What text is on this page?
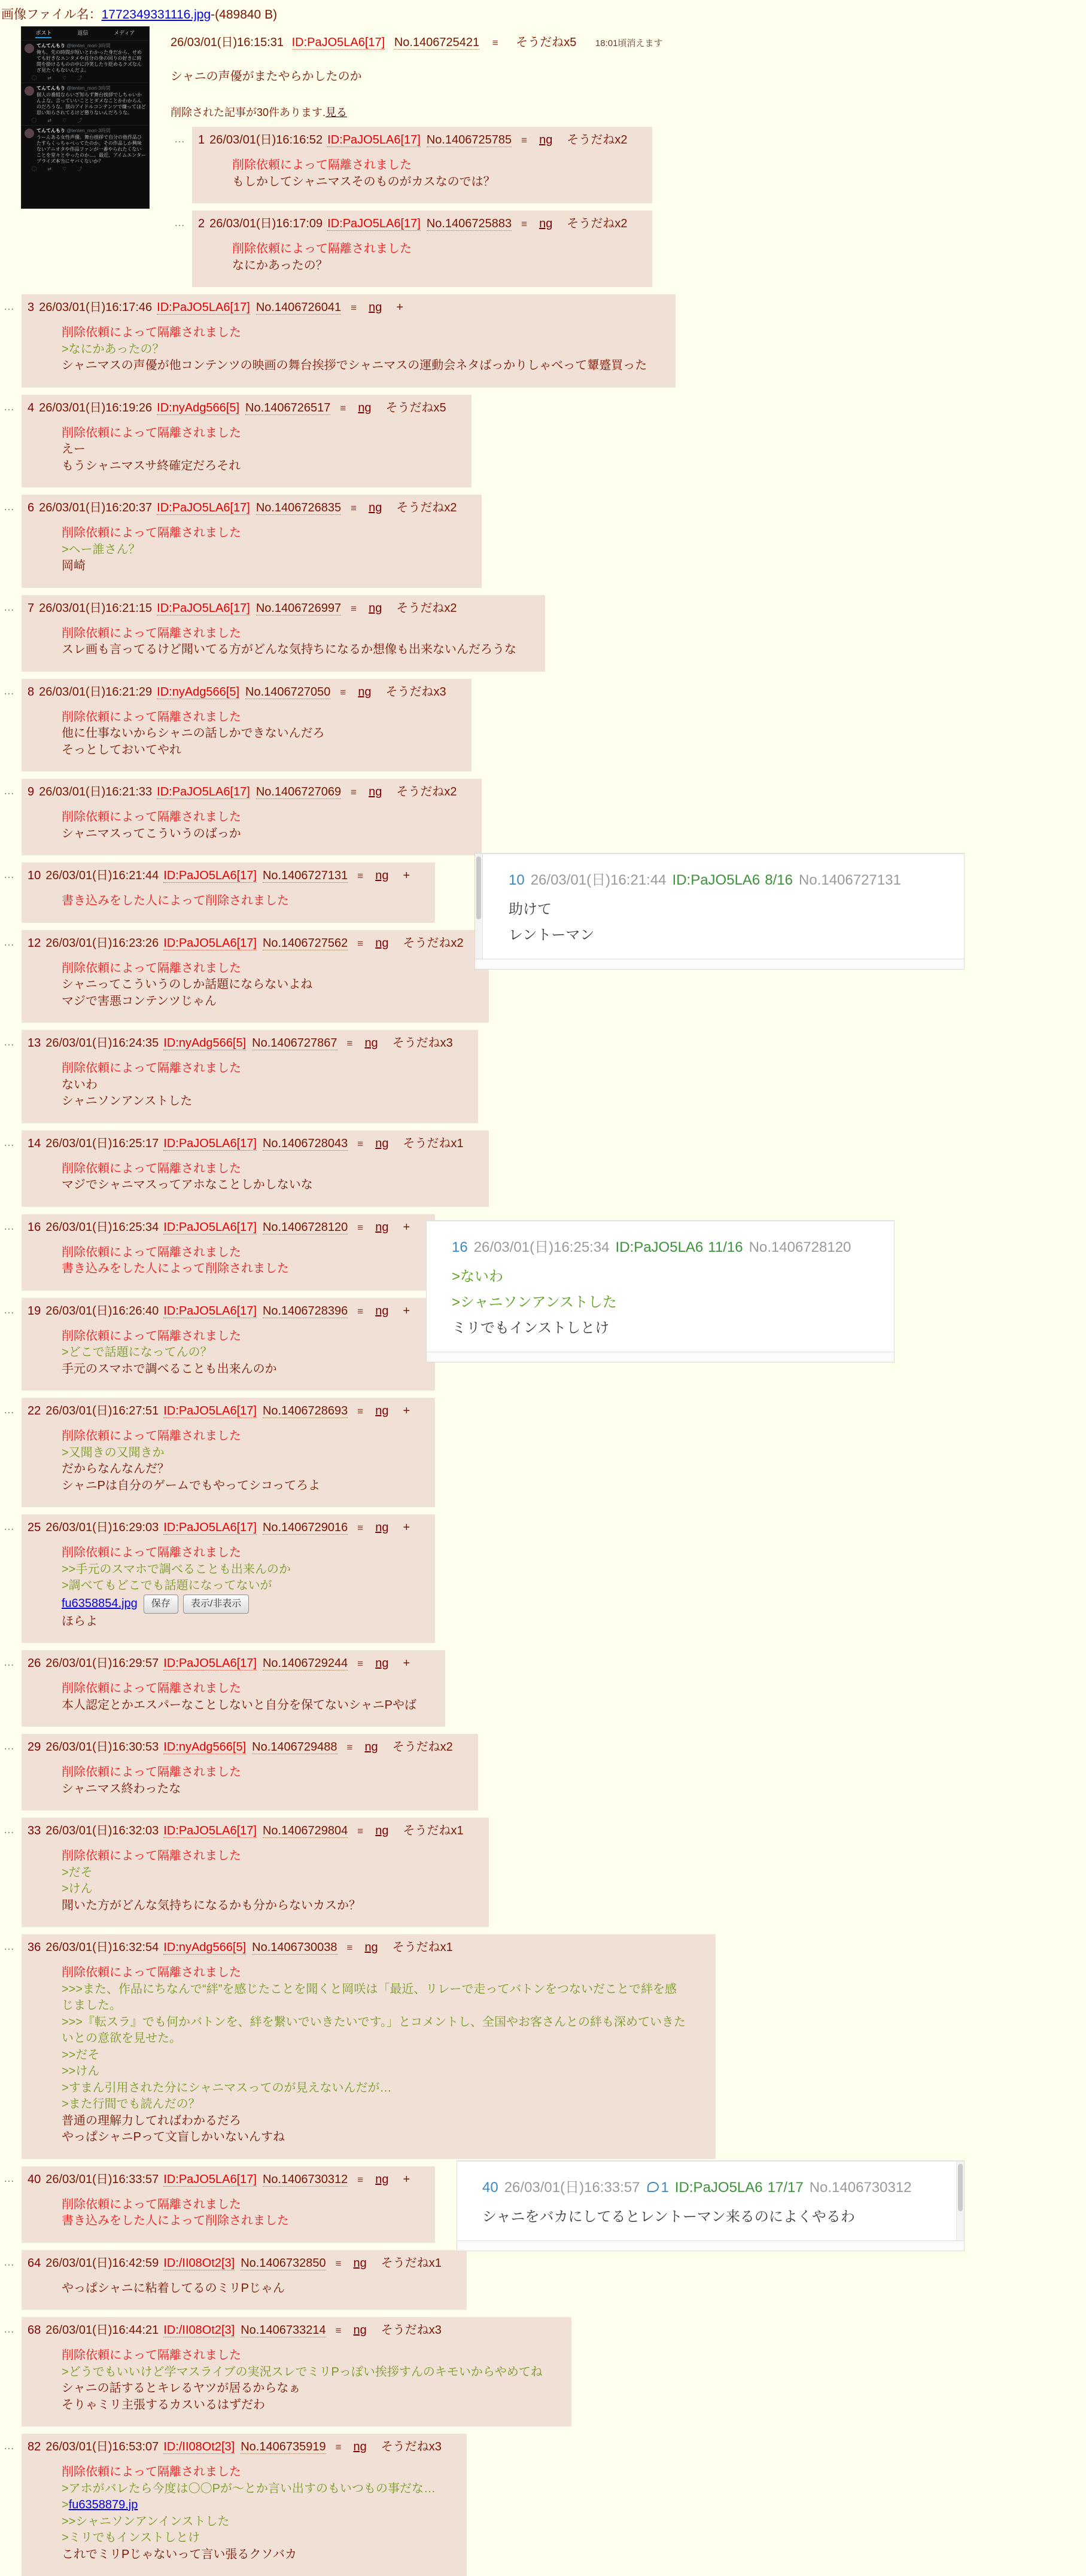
画像ファイル名：1772349331116.jpg-(489840 B)
ポスト	返信	メディア
てんてんもり @tenten_mori·3時間
俺も、先の時間が短いとわかった身だから、せめても好きなエンタメや自分の身の回りの好きに時間を掛けるものの中に冷笑したり貶めるクズなんざ見たくもないんだよ。
⃝ ⇄ ♡ ⤴
てんてんもり @tenten_mori·3時間
個人の番組ならいざ知らず舞台挨拶でしちゃいかんよな。言っていいこととダメなことかわからんのだろうな。別のアイドルコンテンツで嫌ってほど思い知らされてるけど懲りないんだろうな。
⃝ ⇄ ♡ ⤴
てんてんもり @tenten_mori·3時間
うーんある女性声優。舞台挨拶で自分の他作品ひたすらくっちゃべってたのか。その作品しか興味ないアニオタや作品ファンが一番やられたくないことを堂々とやったのか…。最近、アイムエンタープライズ本当にヤバくないか？
⃝ ⇄ ♡ ⤴
26/03/01(日)16:15:31 ID:PaJO5LA6[17] No.1406725421 ≡ そうだねx5 18:01頃消えます
シャニの声優がまたやらかしたのか
削除された記事が30件あります.見る
…	1 26/03/01(日)16:16:52 ID:PaJO5LA6[17] No.1406725785 ≡ ng そうだねx2
削除依頼によって隔離されました
もしかしてシャニマスそのものがカスなのでは？
…	2 26/03/01(日)16:17:09 ID:PaJO5LA6[17] No.1406725883 ≡ ng そうだねx2
削除依頼によって隔離されました
なにかあったの？
…	3 26/03/01(日)16:17:46 ID:PaJO5LA6[17] No.1406726041 ≡ ng +
削除依頼によって隔離されました
>なにかあったの？
シャニマスの声優が他コンテンツの映画の舞台挨拶でシャニマスの運動会ネタばっかりしゃべって顰蹙買った
…	4 26/03/01(日)16:19:26 ID:nyAdg566[5] No.1406726517 ≡ ng そうだねx5
削除依頼によって隔離されました
えー
もうシャニマスサ終確定だろそれ
…	6 26/03/01(日)16:20:37 ID:PaJO5LA6[17] No.1406726835 ≡ ng そうだねx2
削除依頼によって隔離されました
>ヘー誰さん？
岡崎
…	7 26/03/01(日)16:21:15 ID:PaJO5LA6[17] No.1406726997 ≡ ng そうだねx2
削除依頼によって隔離されました
スレ画も言ってるけど聞いてる方がどんな気持ちになるか想像も出来ないんだろうな
…	8 26/03/01(日)16:21:29 ID:nyAdg566[5] No.1406727050 ≡ ng そうだねx3
削除依頼によって隔離されました
他に仕事ないからシャニの話しかできないんだろ
そっとしておいてやれ
…	9 26/03/01(日)16:21:33 ID:PaJO5LA6[17] No.1406727069 ≡ ng そうだねx2
削除依頼によって隔離されました
シャニマスってこういうのばっか
…	10 26/03/01(日)16:21:44 ID:PaJO5LA6[17] No.1406727131 ≡ ng +
書き込みをした人によって削除されました
10 26/03/01(日)16:21:44 ID:PaJO5LA6 8/16 No.1406727131
助けて
レントーマン
…	12 26/03/01(日)16:23:26 ID:PaJO5LA6[17] No.1406727562 ≡ ng そうだねx2
削除依頼によって隔離されました
シャニってこういうのしか話題にならないよね
マジで害悪コンテンツじゃん
…	13 26/03/01(日)16:24:35 ID:nyAdg566[5] No.1406727867 ≡ ng そうだねx3
削除依頼によって隔離されました
ないわ
シャニソンアンストした
…	14 26/03/01(日)16:25:17 ID:PaJO5LA6[17] No.1406728043 ≡ ng そうだねx1
削除依頼によって隔離されました
マジでシャニマスってアホなことしかしないな
…	16 26/03/01(日)16:25:34 ID:PaJO5LA6[17] No.1406728120 ≡ ng +
削除依頼によって隔離されました
書き込みをした人によって削除されました
16 26/03/01(日)16:25:34 ID:PaJO5LA6 11/16 No.1406728120
>ないわ
>シャニソンアンストした
ミリでもインストしとけ
…	19 26/03/01(日)16:26:40 ID:PaJO5LA6[17] No.1406728396 ≡ ng +
削除依頼によって隔離されました
>どこで話題になってんの？
手元のスマホで調べることも出来んのか
…	22 26/03/01(日)16:27:51 ID:PaJO5LA6[17] No.1406728693 ≡ ng +
削除依頼によって隔離されました
>又聞きの又聞きか
だからなんなんだ？
シャニPは自分のゲームでもやってシコってろよ
…	25 26/03/01(日)16:29:03 ID:PaJO5LA6[17] No.1406729016 ≡ ng +
削除依頼によって隔離されました
>>手元のスマホで調べることも出来んのか
>調べてもどこでも話題になってないが
fu6358854.jpg 保存 表示/非表示
ほらよ
…	26 26/03/01(日)16:29:57 ID:PaJO5LA6[17] No.1406729244 ≡ ng +
削除依頼によって隔離されました
本人認定とかエスパーなことしないと自分を保てないシャニPやば
…	29 26/03/01(日)16:30:53 ID:nyAdg566[5] No.1406729488 ≡ ng そうだねx2
削除依頼によって隔離されました
シャニマス終わったな
…	33 26/03/01(日)16:32:03 ID:PaJO5LA6[17] No.1406729804 ≡ ng そうだねx1
削除依頼によって隔離されました
>だそ
>けん
聞いた方がどんな気持ちになるかも分からないカスか？
…	36 26/03/01(日)16:32:54 ID:nyAdg566[5] No.1406730038 ≡ ng そうだねx1
削除依頼によって隔離されました
>>>また、作品にちなんで“絆”を感じたことを聞くと岡咲は「最近、リレーで走ってバトンをつないだことで絆を感じました。
>>>『転スラ』でも何かバトンを、絆を繋いでいきたいです。」とコメントし、全国やお客さんとの絆も深めていきたいとの意欲を見せた。
>>だそ
>>けん
>すまん引用された分にシャニマスってのが見えないんだが…
>また行間でも読んだの？
普通の理解力してればわかるだろ
やっぱシャニPって文盲しかいないんすね
…	40 26/03/01(日)16:33:57 ID:PaJO5LA6[17] No.1406730312 ≡ ng +
削除依頼によって隔離されました
書き込みをした人によって削除されました
40 26/03/01(日)16:33:57 1 ID:PaJO5LA6 17/17 No.1406730312
シャニをバカにしてるとレントーマン来るのによくやるわ
…	64 26/03/01(日)16:42:59 ID:/II08Ot2[3] No.1406732850 ≡ ng そうだねx1
やっぱシャニに粘着してるのミリPじゃん
…	68 26/03/01(日)16:44:21 ID:/II08Ot2[3] No.1406733214 ≡ ng そうだねx3
削除依頼によって隔離されました
>どうでもいいけど学マスライブの実況スレでミリPっぽい挨拶すんのキモいからやめてね
シャニの話するとキレるヤツが居るからなぁ
そりゃミリ主張するカスいるはずだわ
…	82 26/03/01(日)16:53:07 ID:/II08Ot2[3] No.1406735919 ≡ ng そうだねx3
削除依頼によって隔離されました
>アホがバレたら今度は〇〇Pが～とか言い出すのもいつもの事だな…
>fu6358879.jp
>>シャニソンアンインストした
>ミリでもインストしとけ
これでミリPじゃないって言い張るクソバカ
